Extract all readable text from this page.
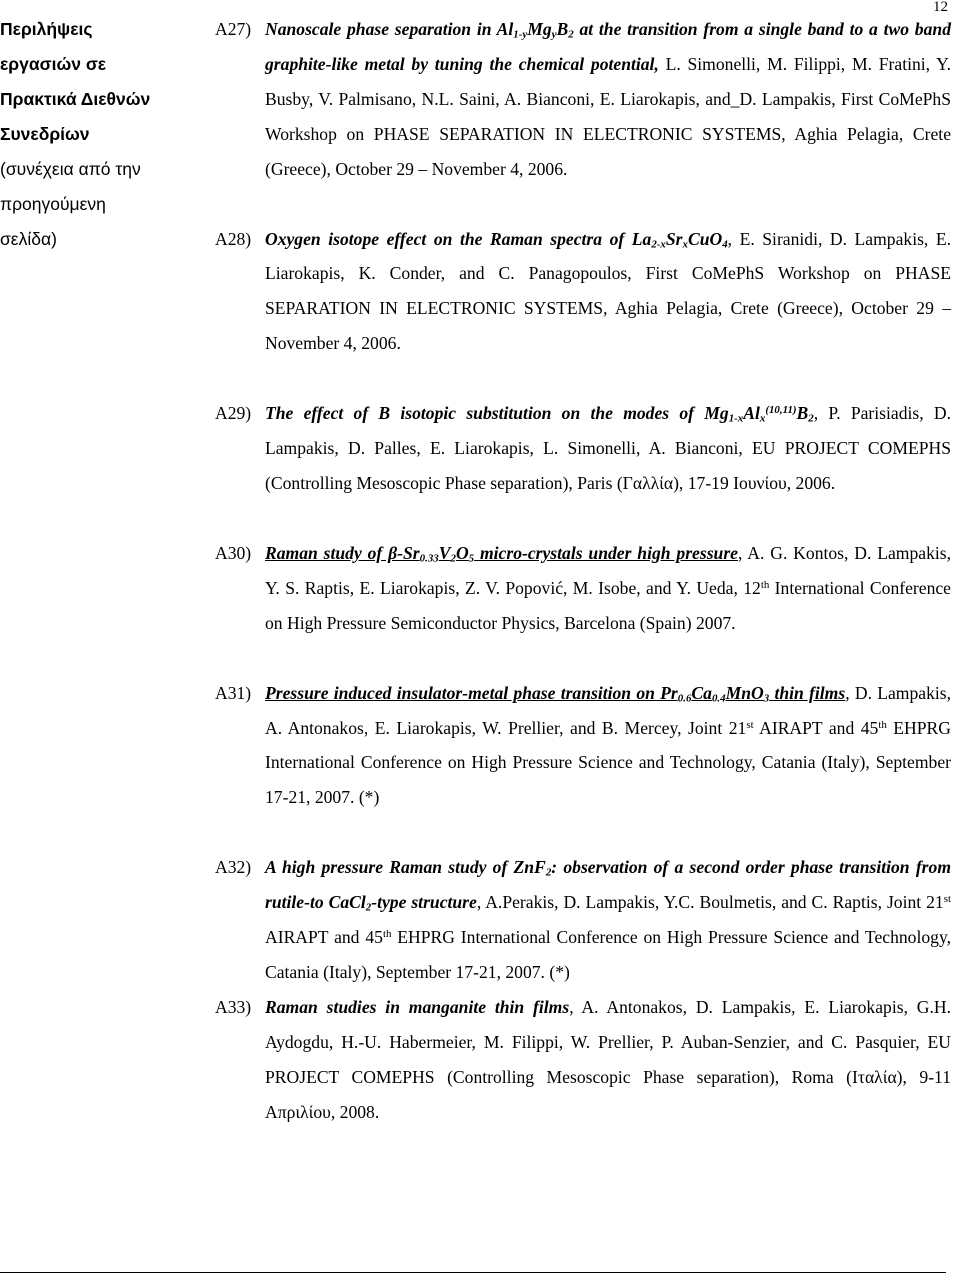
12
Περιλήψεις
εργασιών σε
Πρακτικά Διεθνών
Συνεδρίων
(συνέχεια από την
προηγούμενη
σελίδα)
A27) Nanoscale phase separation in $Al_{1-y}Mg_yB_2$ at the transition from a single band to a two band graphite-like metal by tuning the chemical potential, L. Simonelli, M. Filippi, M. Fratini, Y. Busby, V. Palmisano, N.L. Saini, A. Bianconi, E. Liarokapis, and_D. Lampakis, First CoMePhS Workshop on PHASE SEPARATION IN ELECTRONIC SYSTEMS, Aghia Pelagia, Crete (Greece), October 29 – November 4, 2006.
A28) Oxygen isotope effect on the Raman spectra of $La_{2-x}Sr_xCuO_4$, E. Siranidi, D. Lampakis, E. Liarokapis, K. Conder, and C. Panagopoulos, First CoMePhS Workshop on PHASE SEPARATION IN ELECTRONIC SYSTEMS, Aghia Pelagia, Crete (Greece), October 29 – November 4, 2006.
A29) The effect of B isotopic substitution on the modes of $Mg_{1-x}Al_x^{(10,11)}B_2$, P. Parisiadis, D. Lampakis, D. Palles, E. Liarokapis, L. Simonelli, A. Bianconi, EU PROJECT COMEPHS (Controlling Mesoscopic Phase separation), Paris (Γαλλία), 17-19 Ιουνίου, 2006.
A30) Raman study of $\beta-Sr_{0.33}V_2O_5$ micro-crystals under high pressure, A. G. Kontos, D. Lampakis, Y. S. Raptis, E. Liarokapis, Z. V. Popović, M. Isobe, and Y. Ueda, 12th International Conference on High Pressure Semiconductor Physics, Barcelona (Spain) 2007.
A31) Pressure induced insulator-metal phase transition on $Pr_{0.6}Ca_{0.4}MnO_3$ thin films, D. Lampakis, A. Antonakos, E. Liarokapis, W. Prellier, and B. Mercey, Joint 21st AIRAPT and 45th EHPRG International Conference on High Pressure Science and Technology, Catania (Italy), September 17-21, 2007. (*)
A32) A high pressure Raman study of ZnF$_2$: observation of a second order phase transition from rutile-to CaCl$_2$-type structure, A.Perakis, D. Lampakis, Y.C. Boulmetis, and C. Raptis, Joint 21st AIRAPT and 45th EHPRG International Conference on High Pressure Science and Technology, Catania (Italy), September 17-21, 2007. (*)
A33) Raman studies in manganite thin films, A. Antonakos, D. Lampakis, E. Liarokapis, G.H. Aydogdu, H.-U. Habermeier, M. Filippi, W. Prellier, P. Auban-Senzier, and C. Pasquier, EU PROJECT COMEPHS (Controlling Mesoscopic Phase separation), Roma (Ιταλία), 9-11 Απριλίου, 2008.
